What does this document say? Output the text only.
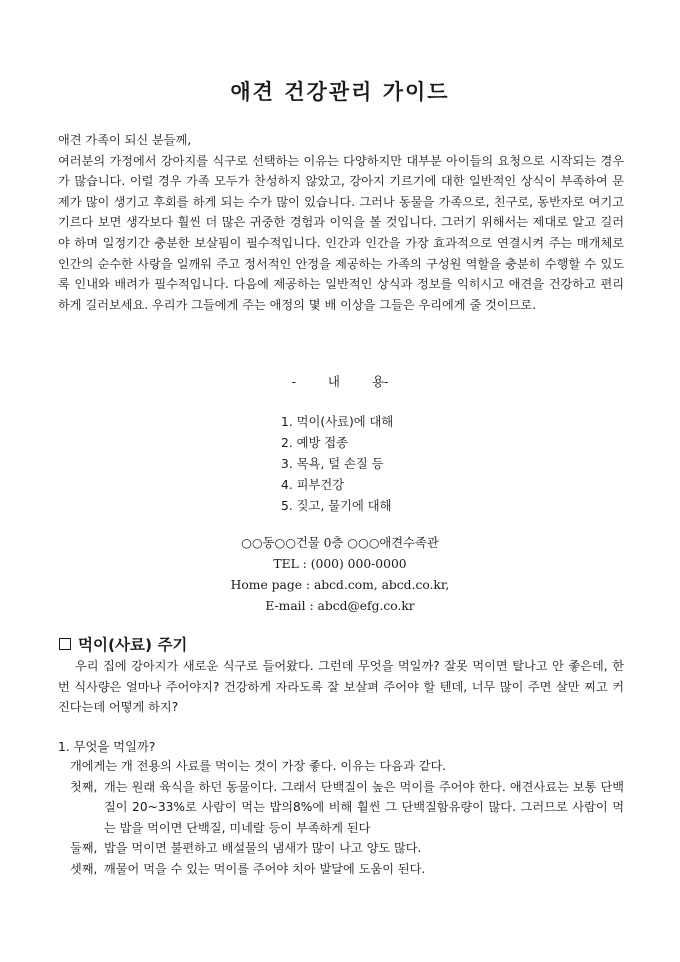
애견 건강관리 가이드

애견 가족이 되신 분들께,

여러분의 가정에서 강아지를 식구로 선택하는 이유는 다양하지만 대부분 아이들의 요청으로 시작되는 경우가 많습니다. 이럴 경우 가족 모두가 찬성하지 않았고, 강아지 기르기에 대한 일반적인 상식이 부족하여 문제가 많이 생기고 후회를 하게 되는 수가 많이 있습니다. 그러나 동물을 가족으로, 친구로, 동반자로 여기고 기르다 보면 생각보다 훨씬 더 많은 귀중한 경험과 이익을 볼 것입니다. 그러기 위해서는 제대로 알고 길러야 하며 일정기간 충분한 보살핌이 필수적입니다. 인간과 인간을 가장 효과적으로 연결시켜 주는 매개체로 인간의 순수한 사랑을 일깨워 주고 정서적인 안정을 제공하는 가족의 구성원 역할을 충분히 수행할 수 있도록 인내와 배려가 필수적입니다. 다음에 제공하는 일반적인 상식과 정보를 익히시고 애견을 건강하고 편리하게 길러보세요. 우리가 그들에게 주는 애정의 몇 배 이상을 그들은 우리에게 줄 것이므로.

- 내 용-
1. 먹이(사료)에 대해
2. 예방 접종
3. 목욕, 털 손질 등
4. 피부건강
5. 짖고, 물기에 대해
○○동○○건물 0층 ○○○애견수족관
TEL : (000) 000-0000
Home page : abcd.com, abcd.co.kr,
E-mail : abcd@efg.co.kr
먹이(사료) 주기

우리 집에 강아지가 새로운 식구로 들어왔다. 그런데 무엇을 먹일까? 잘못 먹이면 탈나고 안 좋은데, 한번 식사량은 얼마나 주어야지? 건강하게 자라도록 잘 보살펴 주어야 할 텐데, 너무 많이 주면 살만 찌고 커진다는데 어떻게 하지?

1. 무엇을 먹일까?
개에게는 개 전용의 사료를 먹이는 것이 가장 좋다. 이유는 다음과 같다.
첫째, 개는 원래 육식을 하던 동물이다. 그래서 단백질이 높은 먹이를 주어야 한다. 애견사료는 보통 단백질이 20~33%로 사람이 먹는 밥의8%에 비해 훨씬 그 단백질함유량이 많다. 그러므로 사람이 먹는 밥을 먹이면 단백질, 미네랄 등이 부족하게 된다
둘째, 밥을 먹이면 불편하고 배설물의 냄새가 많이 나고 양도 많다.
셋째, 깨물어 먹을 수 있는 먹이를 주어야 치아 발달에 도움이 된다.
